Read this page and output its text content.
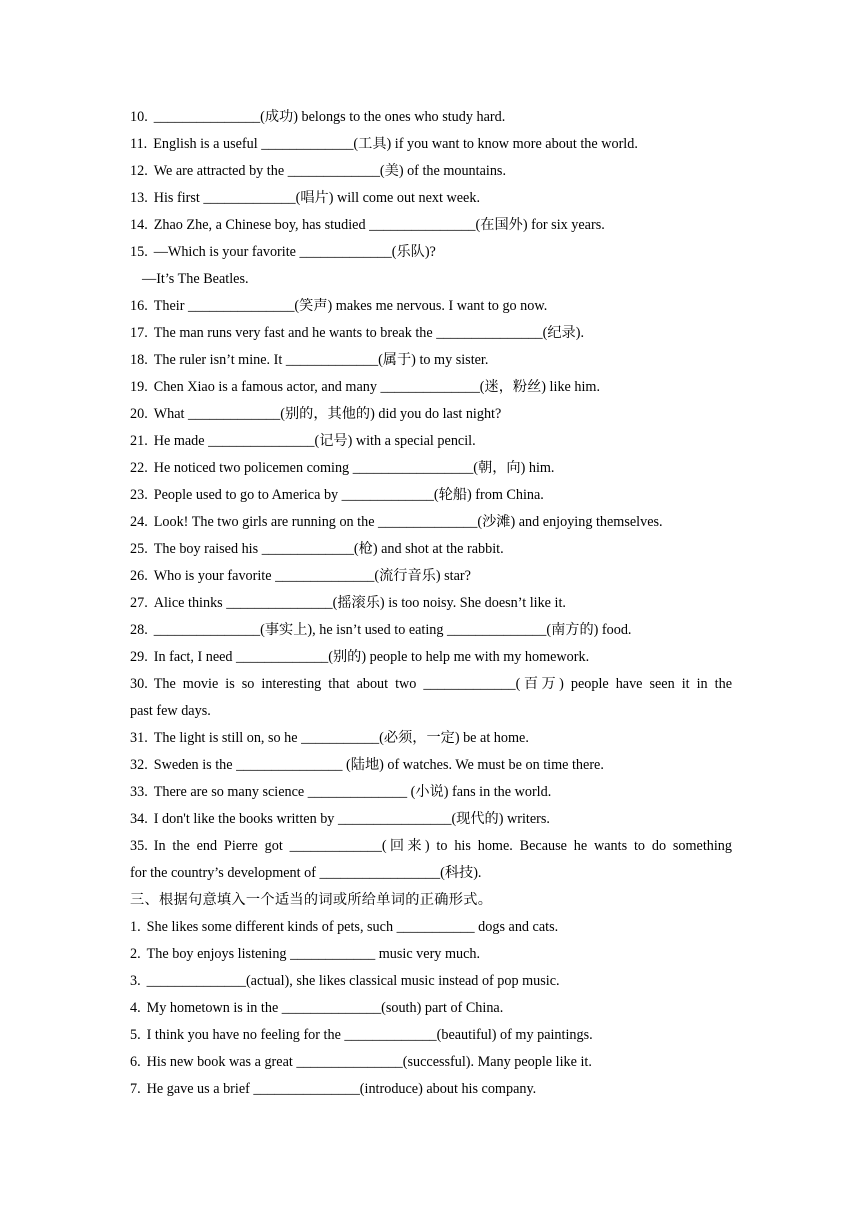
10. _______________(成功) belongs to the ones who study hard.
11. English is a useful _____________(工具) if you want to know more about the world.
12. We are attracted by the _____________(美) of the mountains.
13. His first _____________(唱片) will come out next week.
14. Zhao Zhe, a Chinese boy, has studied _______________(在国外) for six years.
15. —Which is your favorite _____________(乐队)?
—It’s The Beatles.
16. Their _______________(笑声) makes me nervous. I want to go now.
17. The man runs very fast and he wants to break the _______________(纪录).
18. The ruler isn’t mine. It _____________(属于) to my sister.
19. Chen Xiao is a famous actor, and many ______________(迷，粉丝) like him.
20. What _____________(别的，其他的) did you do last night?
21. He made _______________(记号) with a special pencil.
22. He noticed two policemen coming _________________(朝，向) him.
23. People used to go to America by _____________(轮船) from China.
24. Look! The two girls are running on the ______________(沙滩) and enjoying themselves.
25. The boy raised his _____________(枪) and shot at the rabbit.
26. Who is your favorite ______________(流行音乐) star?
27. Alice thinks _______________(摇滚乐) is too noisy. She doesn’t like it.
28. _______________(事实上), he isn’t used to eating ______________(南方的) food.
29. In fact, I need _____________(别的) people to help me with my homework.
30. The movie is so interesting that about two _____________(百万) people have seen it in the
past few days.
31. The light is still on, so he ___________(必须，一定) be at home.
32. Sweden is the _______________ (陆地) of watches. We must be on time there.
33. There are so many science ______________ (小说) fans in the world.
34. I don't like the books written by ________________(现代的) writers.
35. In the end Pierre got _____________(回来) to his home. Because he wants to do something
for the country’s development of _________________(科技).
三、根据句意填入一个适当的词或所给单词的正确形式。
1. She likes some different kinds of pets, such ___________ dogs and cats.
2. The boy enjoys listening ____________ music very much.
3. ______________(actual), she likes classical music instead of pop music.
4. My hometown is in the ______________(south) part of China.
5. I think you have no feeling for the _____________(beautiful) of my paintings.
6. His new book was a great _______________(successful). Many people like it.
7. He gave us a brief _______________(introduce) about his company.
